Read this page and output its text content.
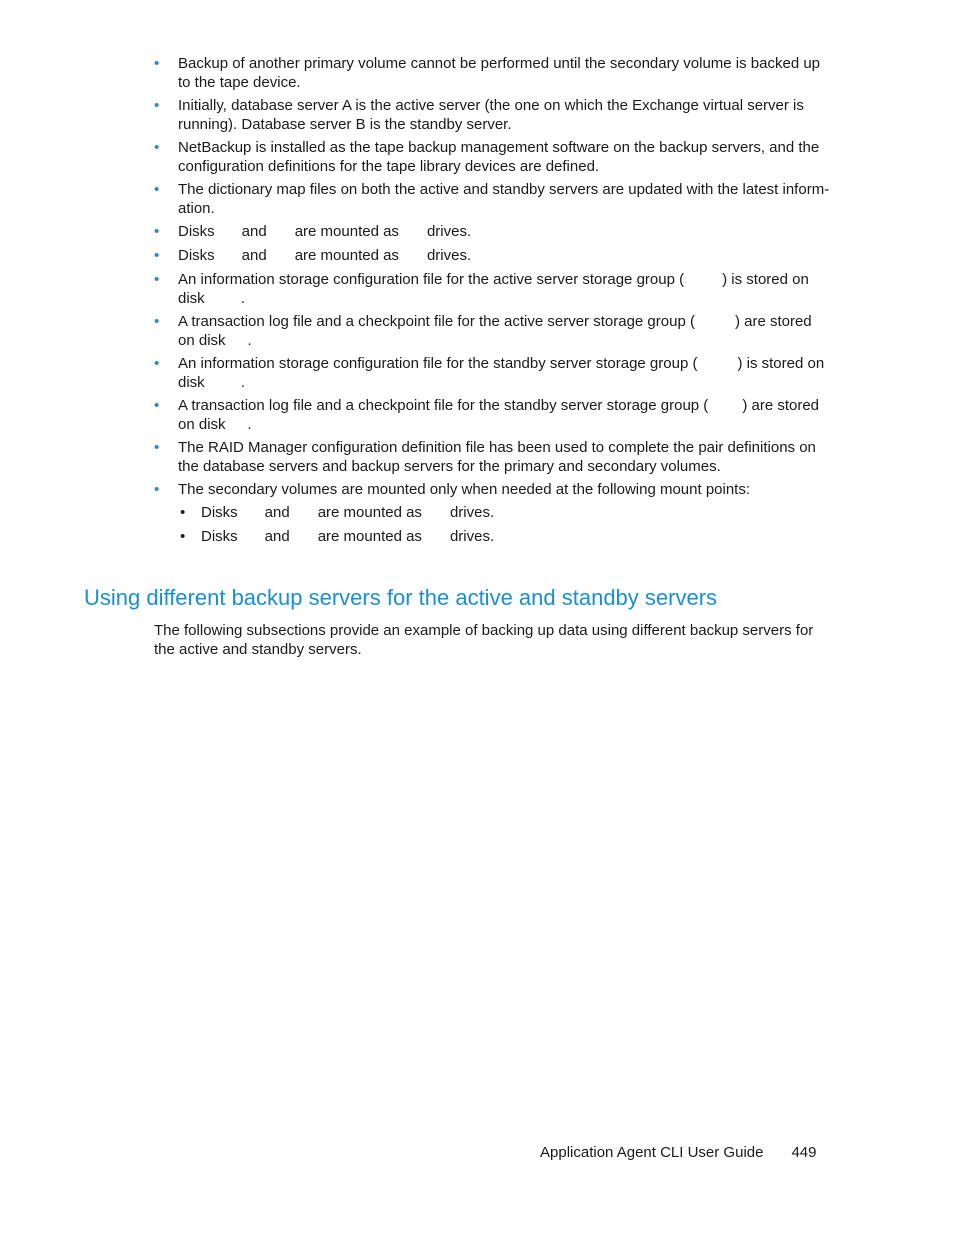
• Backup of another primary volume cannot be performed until the secondary volume is backed up to the tape device.
• Initially, database server A is the active server (the one on which the Exchange virtual server is running). Database server B is the standby server.
• NetBackup is installed as the tape backup management software on the backup servers, and the configuration definitions for the tape library devices are defined.
• The dictionary map files on both the active and standby servers are updated with the latest information.
• Disks and are mounted as drives.
• Disks and are mounted as drives.
• An information storage configuration file for the active server storage group (	) is stored on disk .
• A transaction log file and a checkpoint file for the active server storage group (	) are stored on disk .
• An information storage configuration file for the standby server storage group (	) is stored on disk .
• A transaction log file and a checkpoint file for the standby server storage group ( ) are stored on disk .
• The RAID Manager configuration definition file has been used to complete the pair definitions on the database servers and backup servers for the primary and secondary volumes.
• The secondary volumes are mounted only when needed at the following mount points:
• Disks and are mounted as drives.
• Disks and are mounted as drives.
Using different backup servers for the active and standby servers

The following subsections provide an example of backing up data using different backup servers for the active and standby servers.

Application Agent CLI User Guide 449
